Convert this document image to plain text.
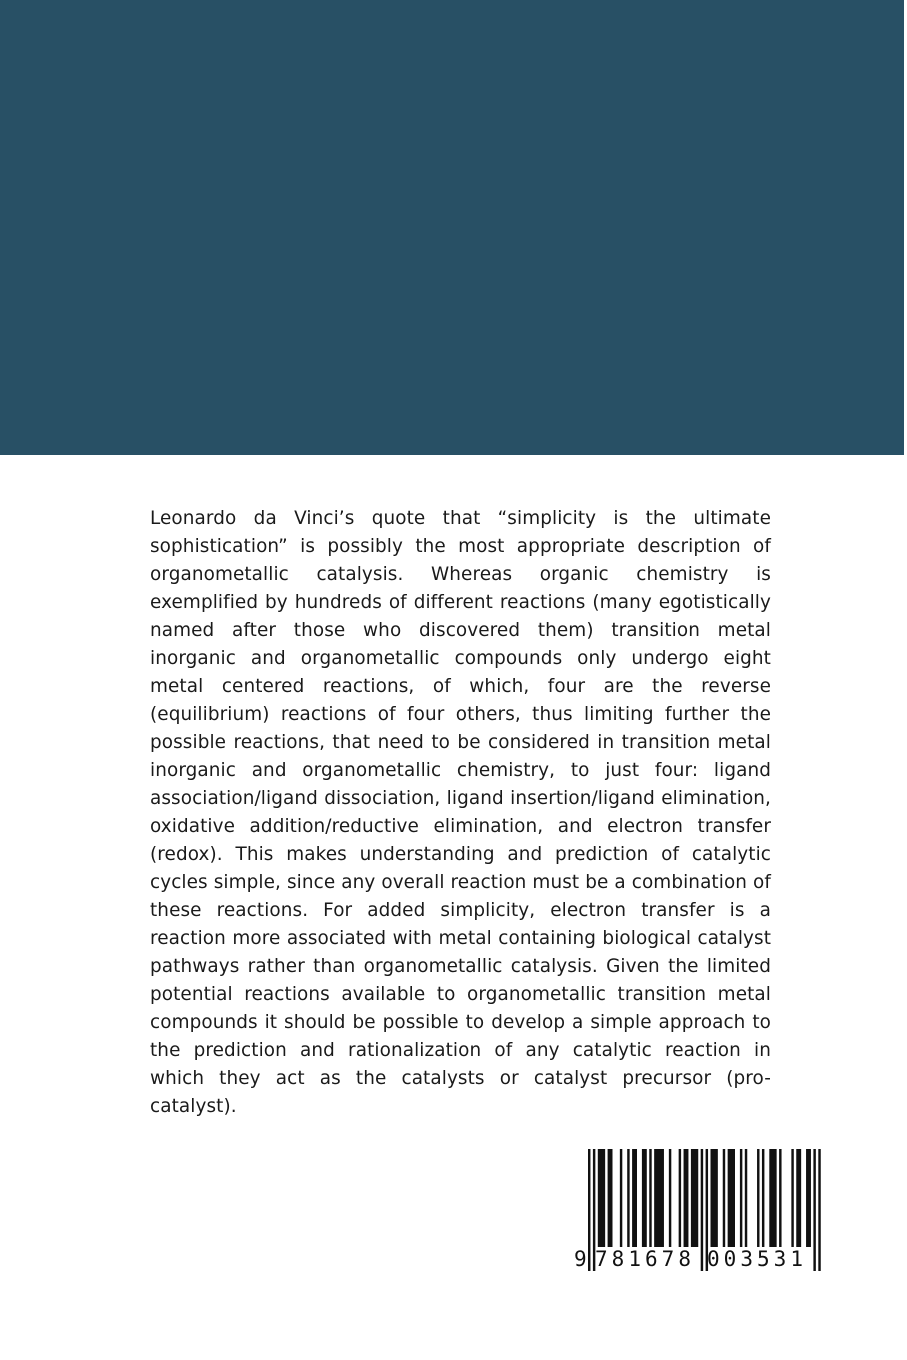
Leonardo da Vinci’s quote that “simplicity is the ultimate sophistication” is possibly the most appropriate description of organometallic catalysis. Whereas organic chemistry is exemplified by hundreds of different reactions (many egotistically named after those who discovered them) transition metal inorganic and organometallic compounds only undergo eight metal centered reactions, of which, four are the reverse (equilibrium) reactions of four others, thus limiting further the possible reactions, that need to be considered in transition metal inorganic and organometallic chemistry, to just four: ligand association/ligand dissociation, ligand insertion/ligand elimination, oxidative addition/reductive elimination, and electron transfer (redox). This makes understanding and prediction of catalytic cycles simple, since any overall reaction must be a combination of these reactions. For added simplicity, electron transfer is a reaction more associated with metal containing biological catalyst pathways rather than organometallic catalysis. Given the limited potential reactions available to organometallic transition metal compounds it should be possible to develop a simple approach to the prediction and rationalization of any catalytic reaction in which they act as the catalysts or catalyst precursor (pro-catalyst).

9 781678 003531
